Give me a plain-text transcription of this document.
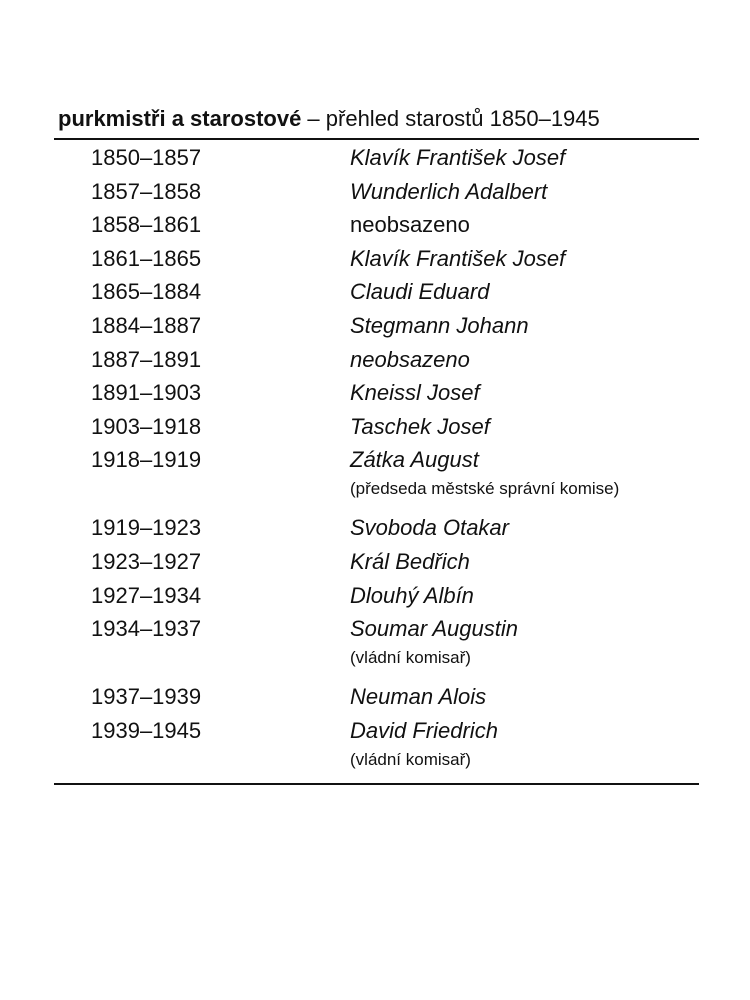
purkmistři a starostové – přehled starostů 1850–1945
1850–1857	Klavík František Josef
1857–1858	Wunderlich Adalbert
1858–1861	neobsazeno
1861–1865	Klavík František Josef
1865–1884	Claudi Eduard
1884–1887	Stegmann Johann
1887–1891	neobsazeno
1891–1903	Kneissl Josef
1903–1918	Taschek Josef
1918–1919	Zátka August
(předseda městské správní komise)
1919–1923	Svoboda Otakar
1923–1927	Král Bedřich
1927–1934	Dlouhý Albín
1934–1937	Soumar Augustin
(vládní komisař)
1937–1939	Neuman Alois
1939–1945	David Friedrich
(vládní komisař)
